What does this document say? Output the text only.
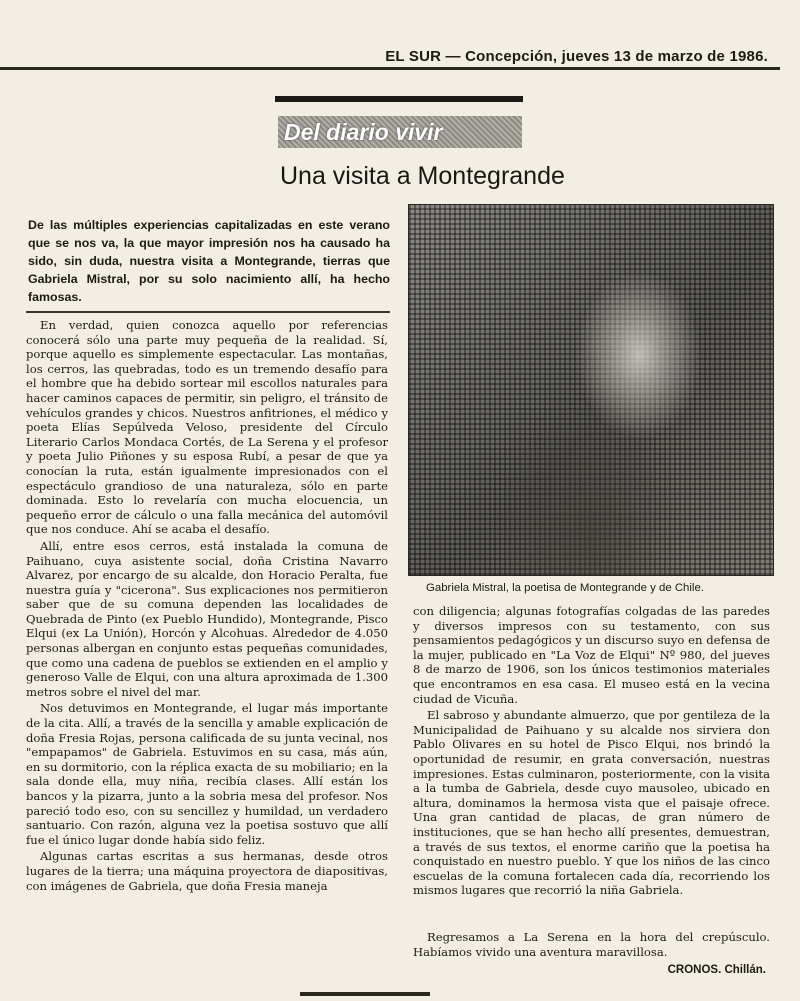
EL SUR — Concepción, jueves 13 de marzo de 1986.
Del diario vivir
Una visita a Montegrande
De las múltiples experiencias capitalizadas en este verano que se nos va, la que mayor impresión nos ha causado ha sido, sin duda, nuestra visita a Montegrande, tierras que Gabriela Mistral, por su solo nacimiento allí, ha hecho famosas.

En verdad, quien conozca aquello por referencias conocerá sólo una parte muy pequeña de la realidad. Sí, porque aquello es simplemente espectacular. Las montañas, los cerros, las quebradas, todo es un tremendo desafío para el hombre que ha debido sortear mil escollos naturales para hacer caminos capaces de permitir, sin peligro, el tránsito de vehículos grandes y chicos. Nuestros anfitriones, el médico y poeta Elías Sepúlveda Veloso, presidente del Círculo Literario Carlos Mondaca Cortés, de La Serena y el profesor y poeta Julio Piñones y su esposa Rubí, a pesar de que ya conocían la ruta, están igualmente impresionados con el espectáculo grandioso de una naturaleza, sólo en parte dominada. Esto lo revelaría con mucha elocuencia, un pequeño error de cálculo o una falla mecánica del automóvil que nos conduce. Ahí se acaba el desafío.

Allí, entre esos cerros, está instalada la comuna de Paihuano, cuya asistente social, doña Cristina Navarro Alvarez, por encargo de su alcalde, don Horacio Peralta, fue nuestra guía y "cicerona". Sus explicaciones nos permitieron saber que de su comuna dependen las localidades de Quebrada de Pinto (ex Pueblo Hundido), Montegrande, Pisco Elqui (ex La Unión), Horcón y Alcohuas. Alrededor de 4.050 personas albergan en conjunto estas pequeñas comunidades, que como una cadena de pueblos se extienden en el amplio y generoso Valle de Elqui, con una altura aproximada de 1.300 metros sobre el nivel del mar.

Nos detuvimos en Montegrande, el lugar más importante de la cita. Allí, a través de la sencilla y amable explicación de doña Fresia Rojas, persona calificada de su junta vecinal, nos "empapamos" de Gabriela. Estuvimos en su casa, más aún, en su dormitorio, con la réplica exacta de su mobiliario; en la sala donde ella, muy niña, recibía clases. Allí están los bancos y la pizarra, junto a la sobria mesa del profesor. Nos pareció todo eso, con su sencillez y humildad, un verdadero santuario. Con razón, alguna vez la poetisa sostuvo que allí fue el único lugar donde había sido feliz.

Algunas cartas escritas a sus hermanas, desde otros lugares de la tierra; una máquina proyectora de diapositivas, con imágenes de Gabriela, que doña Fresia maneja

Gabriela Mistral, la poetisa de Montegrande y de Chile.

con diligencia; algunas fotografías colgadas de las paredes y diversos impresos con su testamento, con sus pensamientos pedagógicos y un discurso suyo en defensa de la mujer, publicado en "La Voz de Elqui" Nº 980, del jueves 8 de marzo de 1906, son los únicos testimonios materiales que encontramos en esa casa. El museo está en la vecina ciudad de Vicuña.

El sabroso y abundante almuerzo, que por gentileza de la Municipalidad de Paihuano y su alcalde nos sirviera don Pablo Olivares en su hotel de Pisco Elqui, nos brindó la oportunidad de resumir, en grata conversación, nuestras impresiones. Estas culminaron, posteriormente, con la visita a la tumba de Gabriela, desde cuyo mausoleo, ubicado en altura, dominamos la hermosa vista que el paisaje ofrece. Una gran cantidad de placas, de gran número de instituciones, que se han hecho allí presentes, demuestran, a través de sus textos, el enorme cariño que la poetisa ha conquistado en nuestro pueblo. Y que los niños de las cinco escuelas de la comuna fortalecen cada día, recorriendo los mismos lugares que recorrió la niña Gabriela.

Regresamos a La Serena en la hora del crepúsculo. Habíamos vivido una aventura maravillosa.
CRONOS. Chillán.
